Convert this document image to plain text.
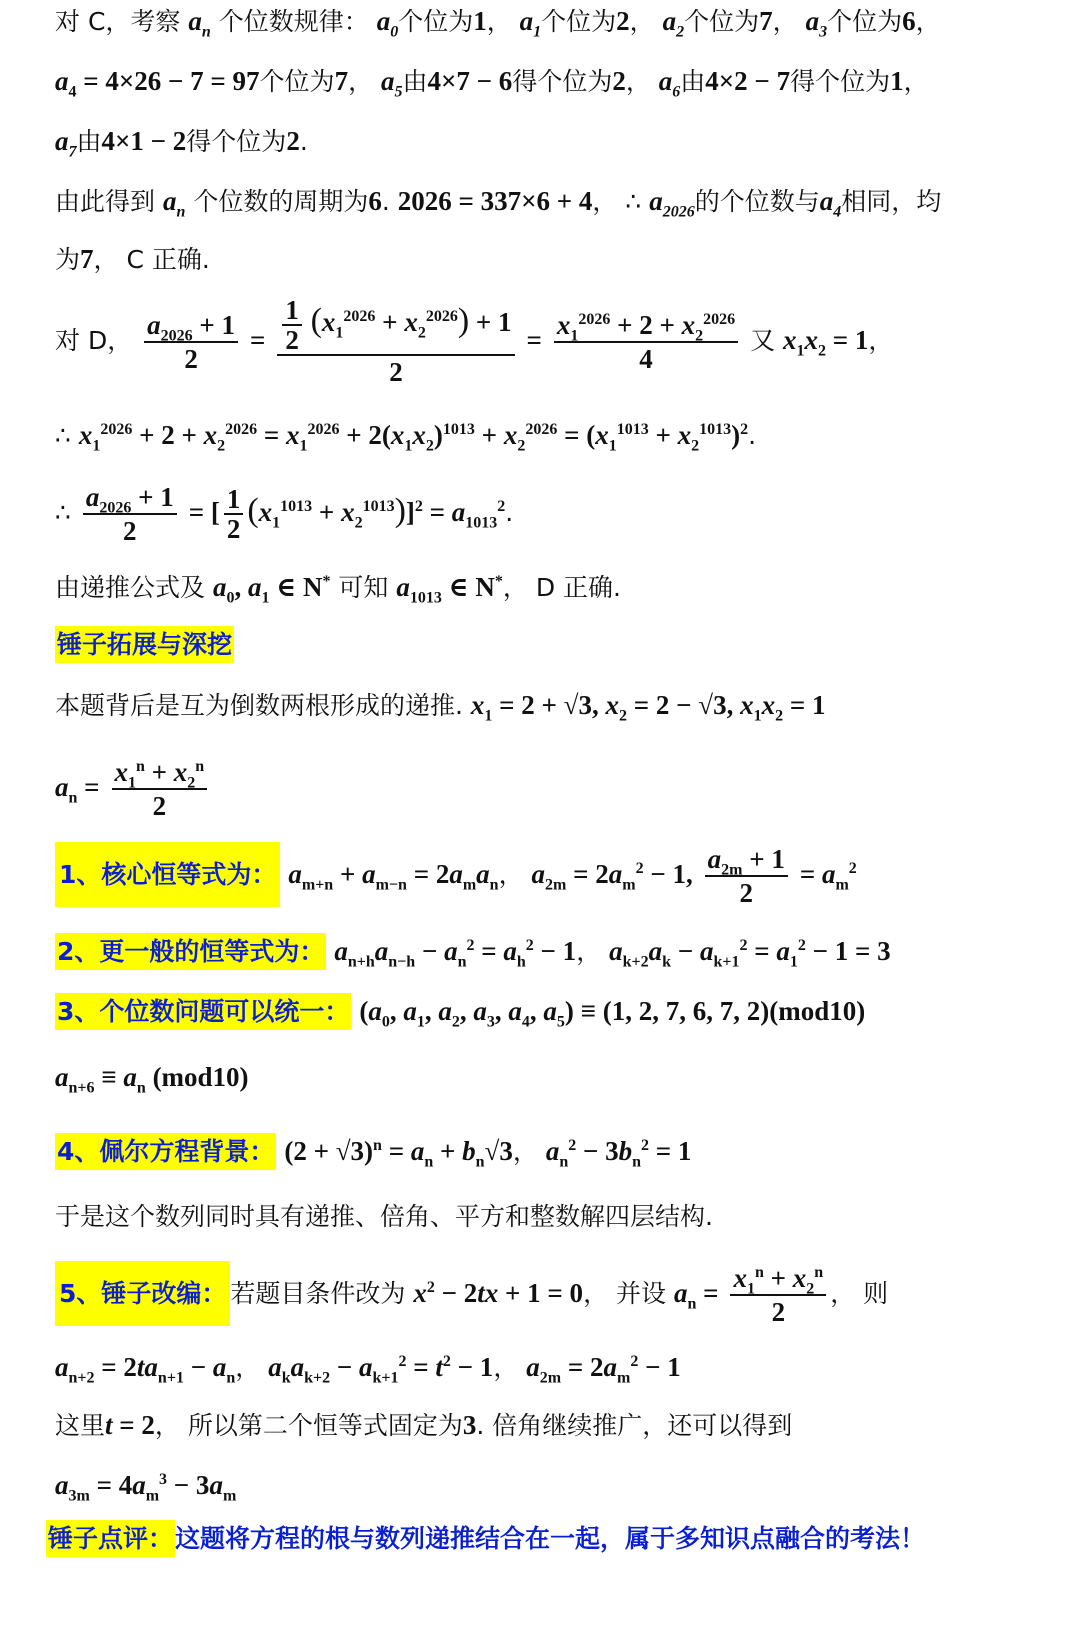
对 C，考察 $a_n$ 个位数规律： $a_0$个位为1， $a_1$个位为2， $a_2$个位为7， $a_3$个位为6，
$a_4 = 4\times 26 - 7 = 97$个位为7， $a_5$由4×7 − 6得个位为2， $a_6$由4×2 − 7得个位为1，
$a_7$由4×1 − 2得个位为2.
由此得到 $a_n$ 个位数的周期为6. 2026 = 337×6 + 4， ∴ $a_{2026}$的个位数与$a_4$相同，均
为7， C 正确.
对 D， $\frac{a_{2026} + 1}{2} = \frac{\frac{1}{2} (x_1^{2026} + x_2^{2026}) + 1}{2} = \frac{x_1^{2026} + 2 + x_2^{2026}}{4}$ 又 $x_1x_2 = 1$，
∴ $x_1^{2026} + 2 + x_2^{2026} = x_1^{2026} + 2(x_1x_2)^{1013} + x_2^{2026} = (x_1^{1013} + x_2^{1013})^2$.
∴ $\frac{a_{2026} + 1}{2}$ = [ $\frac{1}{2} (x_1^{1013} + x_2^{1013})]^2 = a_{1013}^2$.
由递推公式及 $a_0$, $a_1$ ∈ N* 可知 $a_{1013}$ ∈ N*， D 正确.
锤子拓展与深挖
本题背后是互为倒数两根形成的递推. $x_1 = 2 + √3$, $x_2 = 2 - √3$, $x_1x_2 = 1$
$a_n = \frac{x_1^n + x_2^n}{2}$
1、核心恒等式为： $a_{m+n} + a_{m-n} = 2a_ma_n$， $a_{2m} = 2a_m^2 - 1$, $\frac{a_{2m} + 1}{2} = a_m^2$
2、更一般的恒等式为： $a_{n+h}a_{n-h} - a_n^2 = a_h^2 - 1$， $a_{k+2}a_k - a_{k+1}^2 = a_1^2 - 1 = 3$
3、个位数问题可以统一： ($a_0$, $a_1$, $a_2$, $a_3$, $a_4$, $a_5) \equiv (1$, 2, 7, 6, 7, 2)(mod10)
$a_{n+6} \equiv a_n$ (mod10)
4、佩尔方程背景： $(2 + √3)^n = a_n + b_n√3$， $a_n^2 - 3b_n^2 = 1$
于是这个数列同时具有递推、倍角、平方和整数解四层结构.
5、锤子改编： 若题目条件改为 $x^2 - 2tx + 1 = 0$， 并设 $a_n = \frac{x_1^n + x_2^n}{2}$ ， 则
$a_{n+2} = 2ta_{n+1} - a_n$， $a_ka_{k+2} - a_{k+1}^2 = t^2 - 1$， $a_{2m} = 2a_m^2 - 1$
这里t = 2， 所以第二个恒等式固定为3. 倍角继续推广，还可以得到
$a_{3m} = 4a_m^3 - 3a_m$
锤子点评：这题将方程的根与数列递推结合在一起，属于多知识点融合的考法！
